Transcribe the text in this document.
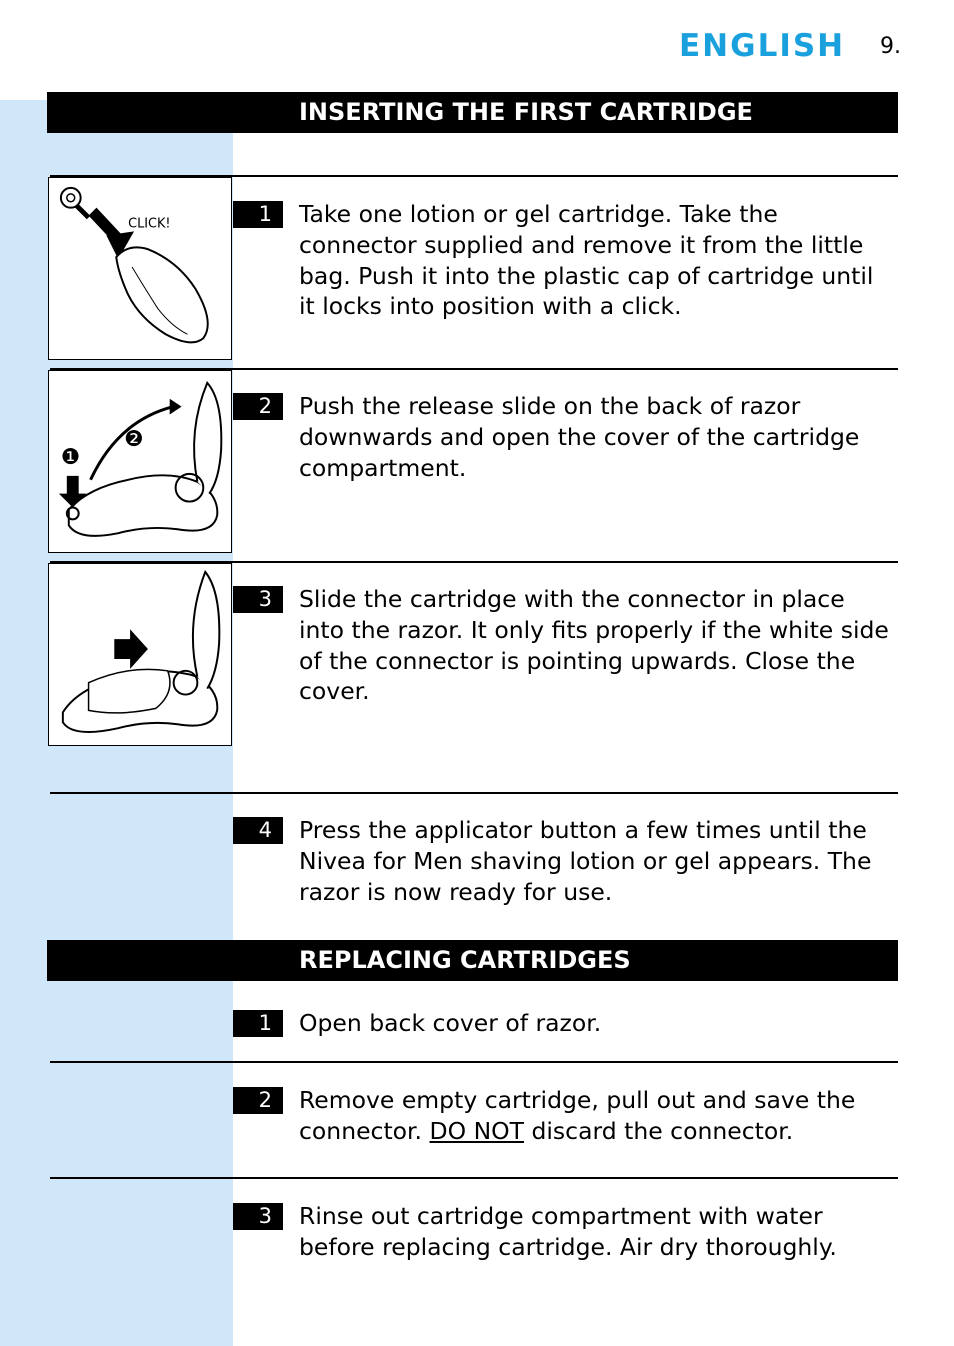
ENGLISH 9.
INSERTING THE FIRST CARTRIDGE
CLICK!	1	Take one lotion or gel cartridge. Take the connector supplied and remove it from the little bag. Push it into the plastic cap of cartridge until it locks into position with a click.

❶
❷
2	Push the release slide on the back of razor downwards and open the cover of the cartridge compartment.

3	Slide the cartridge with the connector in place into the razor. It only fits properly if the white side of the connector is pointing upwards. Close the cover.

4	Press the applicator button a few times until the Nivea for Men shaving lotion or gel appears. The razor is now ready for use.

REPLACING CARTRIDGES
1	Open back cover of razor.

2	Remove empty cartridge, pull out and save the connector. DO NOT discard the connector.

3	Rinse out cartridge compartment with water before replacing cartridge. Air dry thoroughly.
